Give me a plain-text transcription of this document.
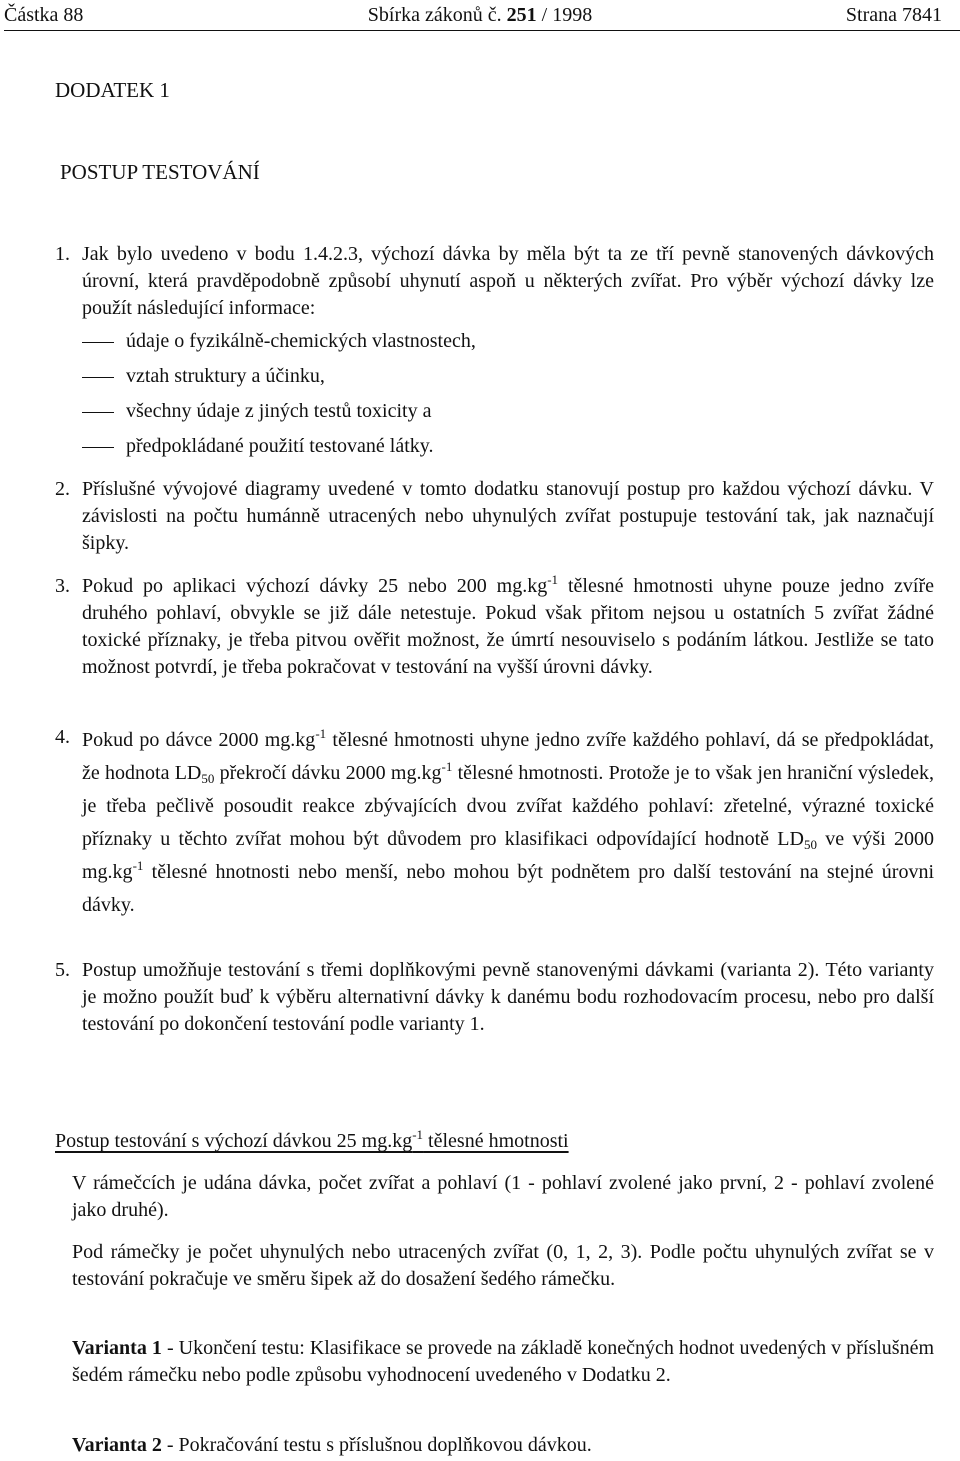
Částka 88	Sbírka zákonů č. 251 / 1998	Strana 7841
DODATEK 1
POSTUP TESTOVÁNÍ
1. Jak bylo uvedeno v bodu 1.4.2.3, výchozí dávka by měla být ta ze tří pevně stanovených dávkových úrovní, která pravděpodobně způsobí uhynutí aspoň u některých zvířat. Pro výběr výchozí dávky lze použít následující informace:

údaje o fyzikálně-chemických vlastnostech,
vztah struktury a účinku,
všechny údaje z jiných testů toxicity a
předpokládané použití testované látky.
2. Příslušné vývojové diagramy uvedené v tomto dodatku stanovují postup pro každou výchozí dávku. V závislosti na počtu humánně utracených nebo uhynulých zvířat postupuje testování tak, jak naznačují šipky.

3. Pokud po aplikaci výchozí dávky 25 nebo 200 $mg.kg^{-1}$ tělesné hmotnosti uhyne pouze jedno zvíře druhého pohlaví, obvykle se již dále netestuje. Pokud však přitom nejsou u ostatních 5 zvířat žádné toxické příznaky, je třeba pitvou ověřit možnost, že úmrtí nesouviselo s podáním látkou. Jestliže se tato možnost potvrdí, je třeba pokračovat v testování na vyšší úrovni dávky.

4. Pokud po dávce 2000 $mg.kg^{-1}$ tělesné hmotnosti uhyne jedno zvíře každého pohlaví, dá se předpokládat, že hodnota $LD_{50}$ překročí dávku 2000 $mg.kg^{-1}$ tělesné hmotnosti. Protože je to však jen hraniční výsledek, je třeba pečlivě posoudit reakce zbývajících dvou zvířat každého pohlaví: zřetelné, výrazné toxické příznaky u těchto zvířat mohou být důvodem pro klasifikaci odpovídající hodnotě $LD_{50}$ ve výši 2000 $mg.kg^{-1}$ tělesné hnotnosti nebo menší, nebo mohou být podnětem pro další testování na stejné úrovni dávky.

5. Postup umožňuje testování s třemi doplňkovými pevně stanovenými dávkami (varianta 2). Této varianty je možno použít buď k výběru alternativní dávky k danému bodu rozhodovacím procesu, nebo pro další testování po dokončení testování podle varianty 1.

Postup testování s výchozí dávkou 25 $mg.kg^{-1}$ tělesné hmotnosti

V rámečcích je udána dávka, počet zvířat a pohlaví (1 - pohlaví zvolené jako první, 2 - pohlaví zvolené jako druhé).

Pod rámečky je počet uhynulých nebo utracených zvířat (0, 1, 2, 3). Podle počtu uhynulých zvířat se v testování pokračuje ve směru šipek až do dosažení šedého rámečku.

Varianta 1 - Ukončení testu: Klasifikace se provede na základě konečných hodnot uvedených v příslušném šedém rámečku nebo podle způsobu vyhodnocení uvedeného v Dodatku 2.

Varianta 2 - Pokračování testu s příslušnou doplňkovou dávkou.
